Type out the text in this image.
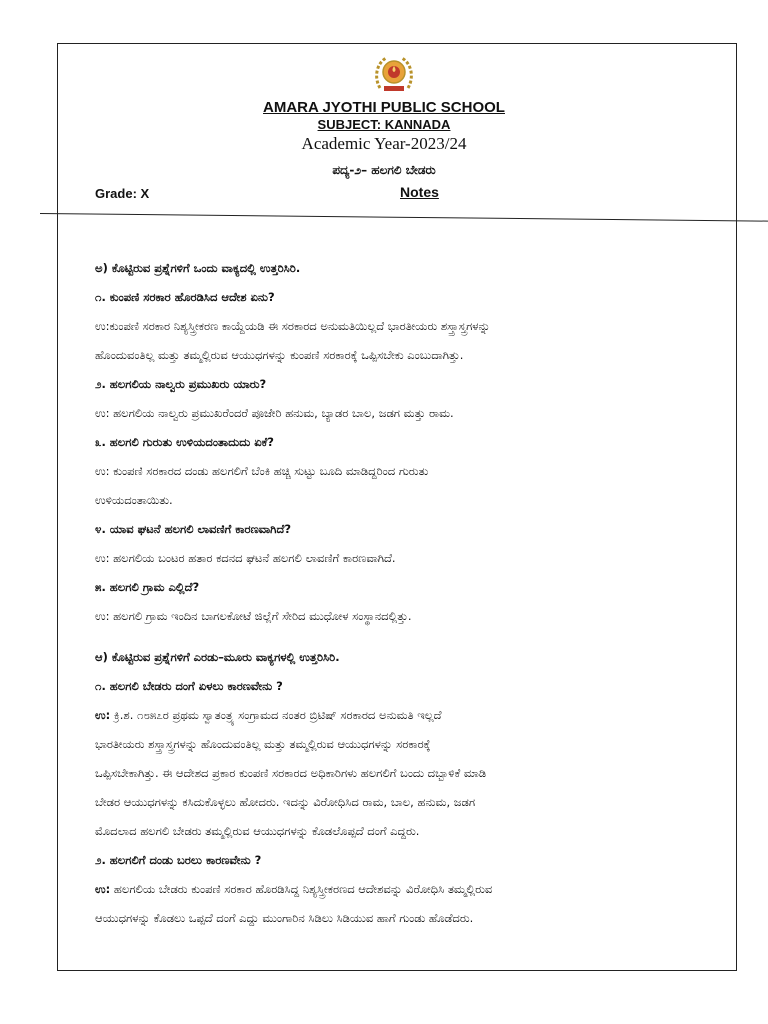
AMARA JYOTHI PUBLIC SCHOOL
SUBJECT: KANNADA
Academic Year-2023/24
ಪದ್ಯ-೨– ಹಲಗಲಿ ಬೇಡರು
Grade: X	Notes

ಅ) ಕೊಟ್ಟಿರುವ ಪ್ರಶ್ನೆಗಳಿಗೆ ಒಂದು ವಾಕ್ಯದಲ್ಲಿ ಉತ್ತರಿಸಿರಿ.

೧. ಕುಂಪಣಿ ಸರಕಾರ ಹೊರಡಿಸಿದ ಆದೇಶ ಏನು?

ಉ:ಕುಂಪಣಿ ಸರಕಾರ ನಿಶ್ಯಸ್ತ್ರೀಕರಣ ಕಾಯ್ದೆಯಡಿ ಈ ಸರಕಾರದ ಅನುಮತಿಯಿಲ್ಲದೆ ಭಾರತೀಯರು ಶಸ್ತ್ರಾಸ್ತ್ರಗಳನ್ನು

ಹೊಂದುವಂತಿಲ್ಲ ಮತ್ತು ತಮ್ಮಲ್ಲಿರುವ ಆಯುಧಗಳನ್ನು ಕುಂಪಣಿ ಸರಕಾರಕ್ಕೆ ಒಪ್ಪಿಸಬೇಕು ಎಂಬುದಾಗಿತ್ತು.

೨. ಹಲಗಲಿಯ ನಾಲ್ವರು ಪ್ರಮುಖರು ಯಾರು?

ಉ: ಹಲಗಲಿಯ ನಾಲ್ವರು ಪ್ರಮುಖರೆಂದರೆ ಪೂಜೇರಿ ಹನುಮ, ಬ್ಯಾಡರ ಬಾಲ, ಜಡಗ ಮತ್ತು ರಾಮ.

೩. ಹಲಗಲಿ ಗುರುತು ಉಳಿಯದಂತಾದುದು ಏಕೆ?

ಉ: ಕುಂಪಣಿ ಸರಕಾರದ ದಂಡು ಹಲಗಲಿಗೆ ಬೆಂಕಿ ಹಚ್ಚಿ ಸುಟ್ಟು ಬೂದಿ ಮಾಡಿದ್ದರಿಂದ ಗುರುತು

ಉಳಿಯದಂತಾಯಿತು.

೪. ಯಾವ ಘಟನೆ ಹಲಗಲಿ ಲಾವಣಿಗೆ ಕಾರಣವಾಗಿದೆ?

ಉ: ಹಲಗಲಿಯ ಬಂಟರ ಹತಾರ ಕದನದ ಘಟನೆ ಹಲಗಲಿ ಲಾವಣಿಗೆ ಕಾರಣವಾಗಿದೆ.

೫. ಹಲಗಲಿ ಗ್ರಾಮ ಎಲ್ಲಿದೆ?

ಉ: ಹಲಗಲಿ ಗ್ರಾಮ ಇಂದಿನ ಬಾಗಲಕೋಟೆ ಜಿಲ್ಲೆಗೆ ಸೇರಿದ ಮುಧೋಳ ಸಂಸ್ಥಾನದಲ್ಲಿತ್ತು.

ಆ) ಕೊಟ್ಟಿರುವ ಪ್ರಶ್ನೆಗಳಿಗೆ ಎರಡು–ಮೂರು ವಾಕ್ಯಗಳಲ್ಲಿ ಉತ್ತರಿಸಿರಿ.

೧. ಹಲಗಲಿ ಬೇಡರು ದಂಗೆ ಏಳಲು ಕಾರಣವೇನು ?

ಉ: ಕ್ರಿ.ಶ. ೧೮೫೭ರ ಪ್ರಥಮ ಸ್ವಾತಂತ್ರ್ಯ ಸಂಗ್ರಾಮದ ನಂತರ ಬ್ರಿಟಿಷ್ ಸರಕಾರದ ಅನುಮತಿ ಇಲ್ಲದೆ

ಭಾರತೀಯರು ಶಸ್ತ್ರಾಸ್ತ್ರಗಳನ್ನು ಹೊಂದುವಂತಿಲ್ಲ ಮತ್ತು ತಮ್ಮಲ್ಲಿರುವ ಆಯುಧಗಳನ್ನು ಸರಕಾರಕ್ಕೆ

ಒಪ್ಪಿಸಬೇಕಾಗಿತ್ತು. ಈ ಆದೇಶದ ಪ್ರಕಾರ ಕುಂಪಣಿ ಸರಕಾರದ ಅಧಿಕಾರಿಗಳು ಹಲಗಲಿಗೆ ಬಂದು ದಬ್ಬಾಳಿಕೆ ಮಾಡಿ

ಬೇಡರ ಆಯುಧಗಳನ್ನು ಕಸಿದುಕೊಳ್ಳಲು ಹೋದರು. ಇದನ್ನು ವಿರೋಧಿಸಿದ ರಾಮ, ಬಾಲ, ಹನುಮ, ಜಡಗ

ಮೊದಲಾದ ಹಲಗಲಿ ಬೇಡರು ತಮ್ಮಲ್ಲಿರುವ ಆಯುಧಗಳನ್ನು ಕೊಡಲೊಪ್ಪದೆ ದಂಗೆ ಎದ್ದರು.

೨. ಹಲಗಲಿಗೆ ದಂಡು ಬರಲು ಕಾರಣವೇನು ?

ಉ: ಹಲಗಲಿಯ ಬೇಡರು ಕುಂಪಣಿ ಸರಕಾರ ಹೊರಡಿಸಿದ್ದ ನಿಶ್ಯಸ್ತ್ರೀಕರಣದ ಆದೇಶವನ್ನು ವಿರೋಧಿಸಿ ತಮ್ಮಲ್ಲಿರುವ

ಆಯುಧಗಳನ್ನು ಕೊಡಲು ಒಪ್ಪದೆ ದಂಗೆ ಎದ್ದು ಮುಂಗಾರಿನ ಸಿಡಿಲು ಸಿಡಿಯುವ ಹಾಗೆ ಗುಂಡು ಹೊಡೆದರು.
